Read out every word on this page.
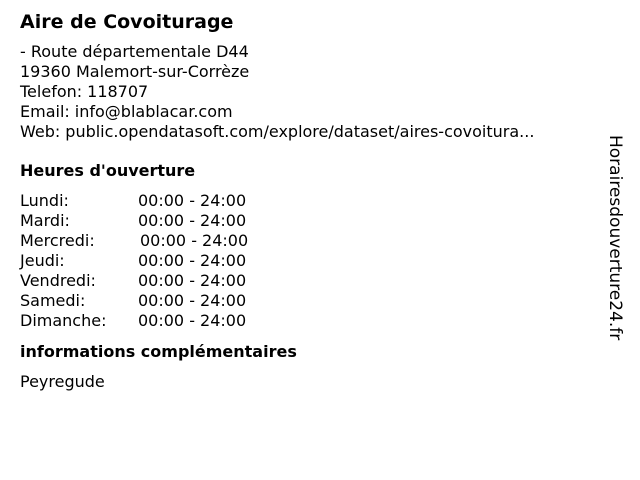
Aire de Covoiturage
- Route départementale D44
19360 Malemort-sur-Corrèze
Telefon: 118707
Email: info@blablacar.com
Web: public.opendatasoft.com/explore/dataset/aires-covoitura...
Heures d'ouverture
Lundi:	00:00 - 24:00
Mardi:	00:00 - 24:00
Mercredi:	00:00 - 24:00
Jeudi:	00:00 - 24:00
Vendredi:	00:00 - 24:00
Samedi:	00:00 - 24:00
Dimanche:	00:00 - 24:00
informations complémentaires
Peyregude
Horairesdouverture24.fr
